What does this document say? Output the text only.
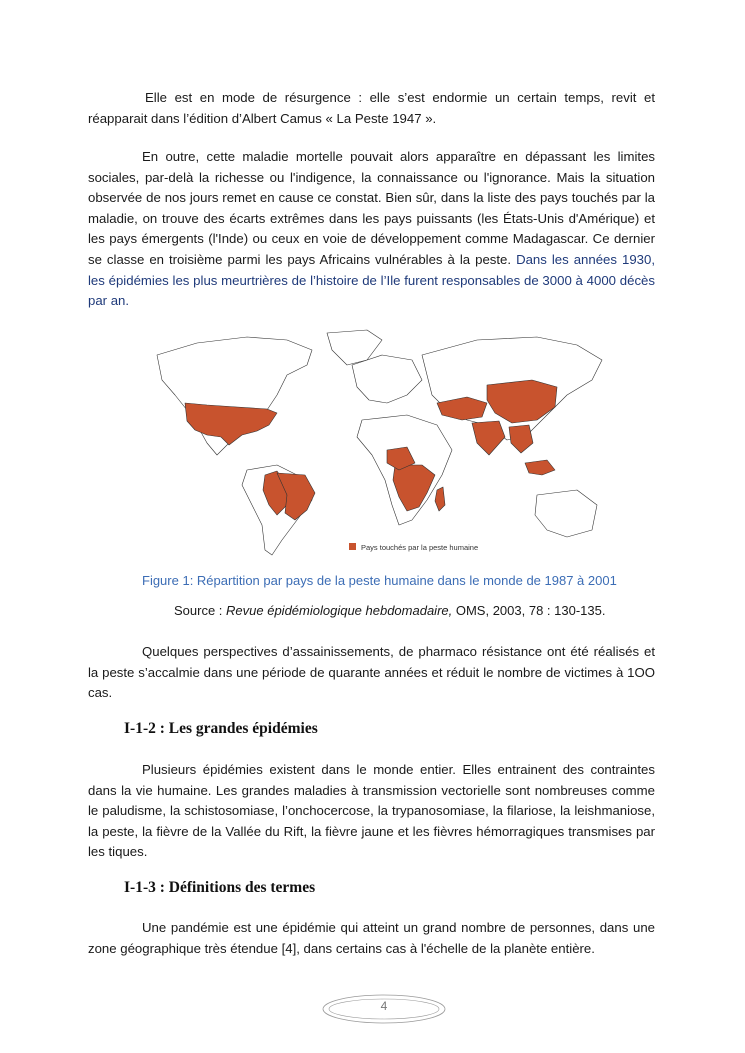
Elle est en mode de résurgence : elle s’est endormie un certain temps, revit et réapparait dans l’édition d’Albert Camus « La Peste 1947 ».

En outre, cette maladie mortelle pouvait alors apparaître en dépassant les limites sociales, par-delà la richesse ou l'indigence, la connaissance ou l'ignorance. Mais la situation observée de nos jours remet en cause ce constat. Bien sûr, dans la liste des pays touchés par la maladie, on trouve des écarts extrêmes dans les pays puissants (les États-Unis d'Amérique) et les pays émergents (l'Inde) ou ceux en voie de développement comme Madagascar. Ce dernier se classe en troisième parmi les pays Africains vulnérables à la peste. Dans les années 1930, les épidémies les plus meurtrières de l’histoire de l’Ile furent responsables de 3000 à 4000 décès par an.

Pays touchés par la peste humaine

Figure 1: Répartition par pays de la peste humaine dans le monde de 1987 à 2001

Source : Revue épidémiologique hebdomadaire, OMS, 2003, 78 : 130-135.

Quelques perspectives d’assainissements, de pharmaco résistance ont été réalisés et la peste s’accalmie dans une période de quarante années et réduit le nombre de victimes à 1OO cas.

I-1-2 : Les grandes épidémies

Plusieurs épidémies existent dans le monde entier. Elles entrainent des contraintes dans la vie humaine. Les grandes maladies à transmission vectorielle sont nombreuses comme le paludisme, la schistosomiase, l’onchocercose, la trypanosomiase, la filariose, la leishmaniose, la peste, la fièvre de la Vallée du Rift, la fièvre jaune et les fièvres hémorragiques transmises par les tiques.

I-1-3 : Définitions des termes

Une pandémie est une épidémie qui atteint un grand nombre de personnes, dans une zone géographique très étendue [4], dans certains cas à l'échelle de la planète entière.

4
